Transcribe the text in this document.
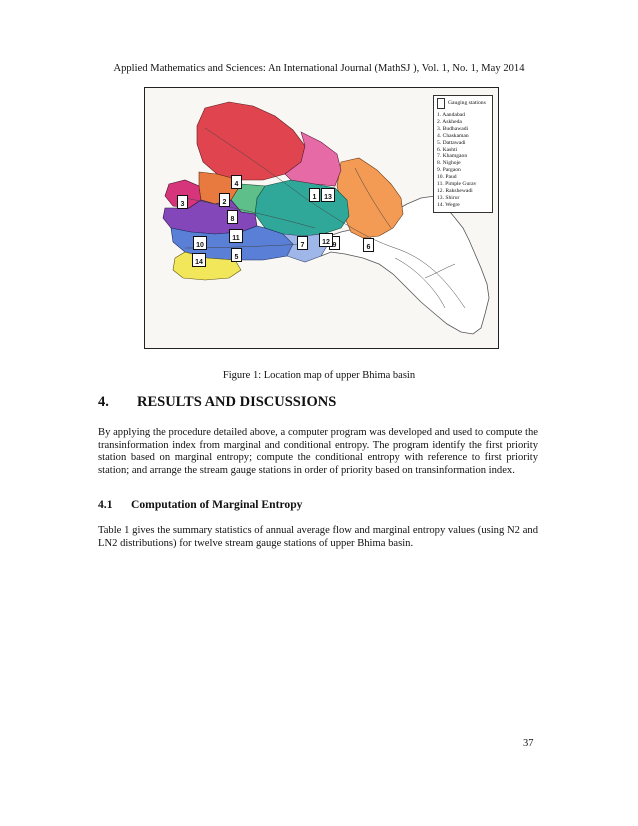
Applied Mathematics and Sciences: An International Journal (MathSJ ), Vol. 1, No. 1, May 2014
1
2
3
4
5
6
7
8
9
10
11
12
13
14
Gauging stations
1. Aandabad
2. Askheda
3. Budhawadi
4. Chaskaman
5. Dattawadi
6. Kashti
7. Khamgaon
8. Nighoje
9. Pargaon
10. Paud
11. Pimple Gurav
12. Rakshewadi
13. Shirur
14. Wegre
Figure 1: Location map of upper Bhima basin
4.	RESULTS AND DISCUSSIONS
By applying the procedure detailed above, a computer program was developed and used to compute the transinformation index from marginal and conditional entropy. The program identify the first priority station based on marginal entropy; compute the conditional entropy with reference to first priority station; and arrange the stream gauge stations in order of priority based on transinformation index.
4.1	Computation of Marginal Entropy
Table 1 gives the summary statistics of annual average flow and marginal entropy values (using N2 and LN2 distributions) for twelve stream gauge stations of upper Bhima basin.
37
